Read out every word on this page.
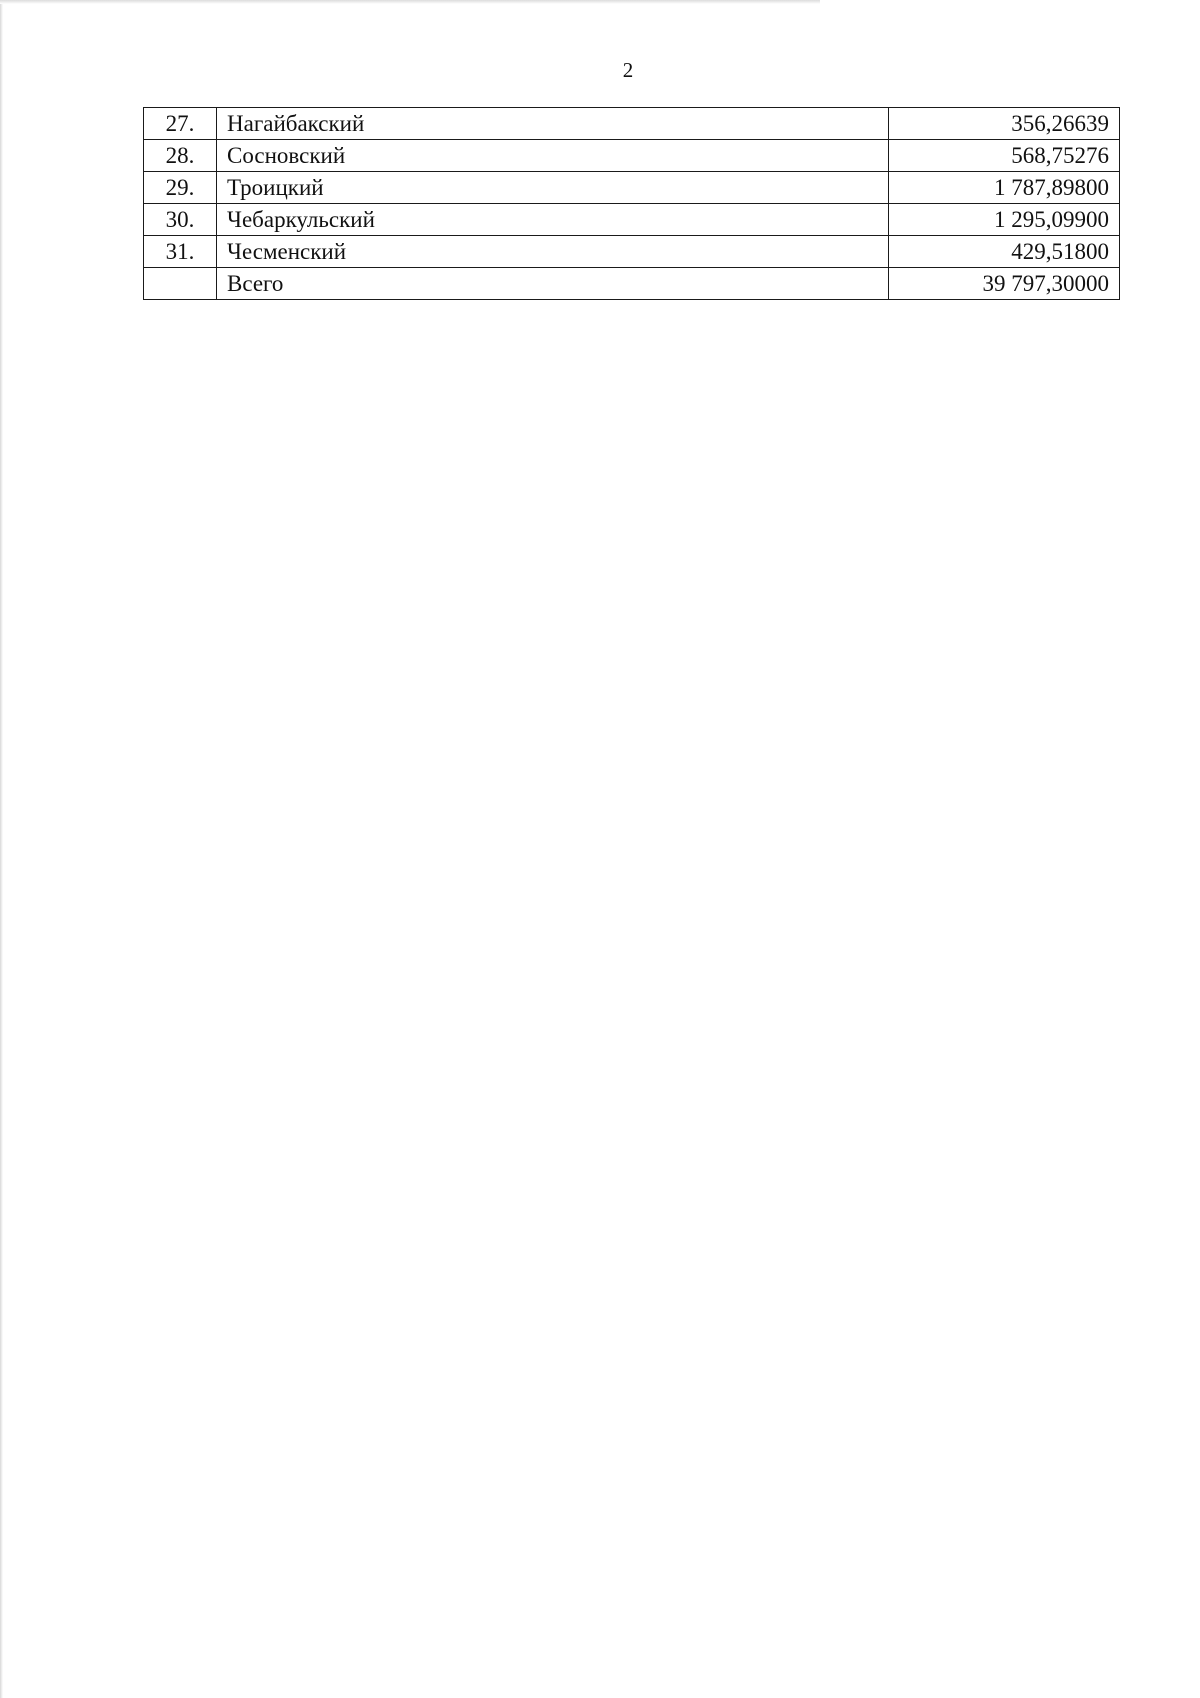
2
27.	Нагайбакский	356,26639
28.	Сосновский	568,75276
29.	Троицкий	1 787,89800
30.	Чебаркульский	1 295,09900
31.	Чесменский	429,51800
	Всего	39 797,30000
